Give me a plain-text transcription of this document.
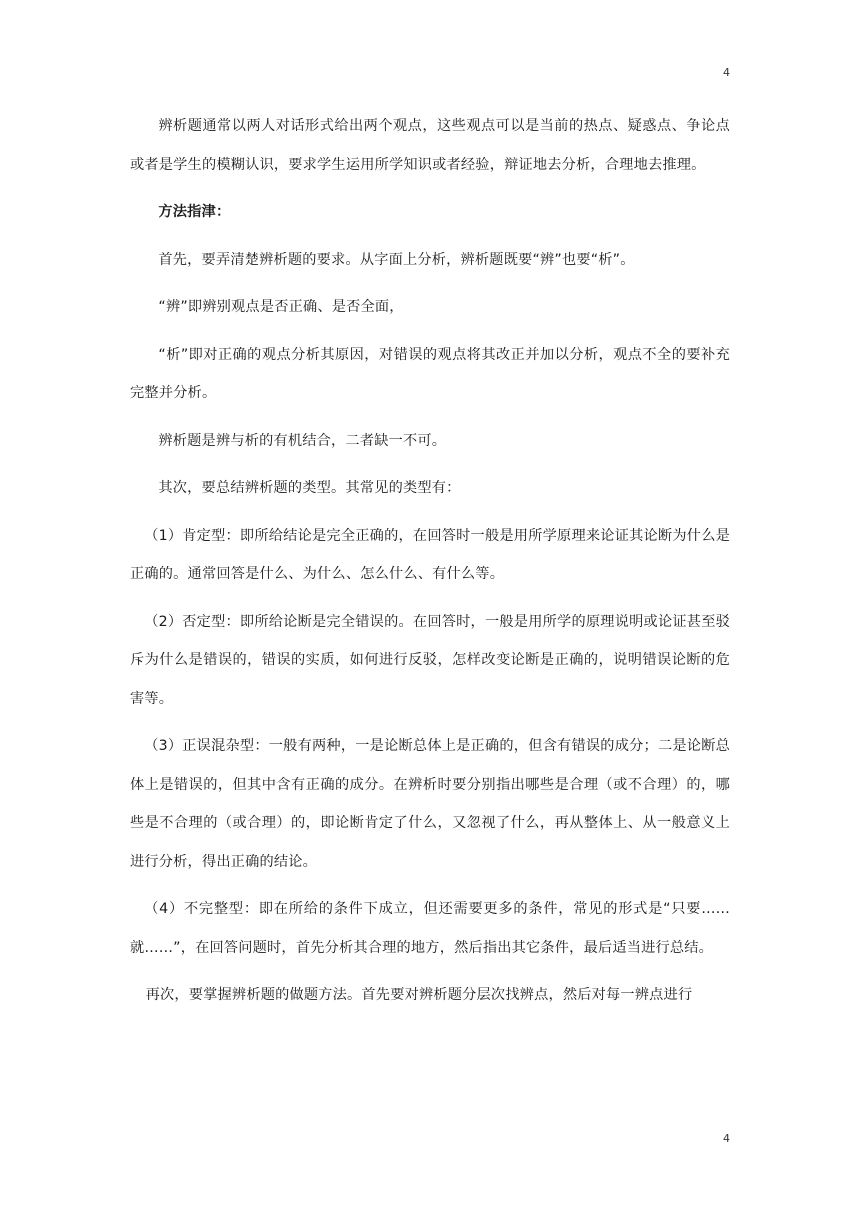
4

辨析题通常以两人对话形式给出两个观点，这些观点可以是当前的热点、疑惑点、争论点或者是学生的模糊认识，要求学生运用所学知识或者经验，辩证地去分析，合理地去推理。

方法指津：

首先，要弄清楚辨析题的要求。从字面上分析，辨析题既要“辨”也要“析”。

“辨”即辨别观点是否正确、是否全面，

“析”即对正确的观点分析其原因，对错误的观点将其改正并加以分析，观点不全的要补充完整并分析。

辨析题是辨与析的有机结合，二者缺一不可。

其次，要总结辨析题的类型。其常见的类型有：

（1）肯定型：即所给结论是完全正确的，在回答时一般是用所学原理来论证其论断为什么是正确的。通常回答是什么、为什么、怎么什么、有什么等。

（2）否定型：即所给论断是完全错误的。在回答时，一般是用所学的原理说明或论证甚至驳斥为什么是错误的，错误的实质，如何进行反驳，怎样改变论断是正确的，说明错误论断的危害等。

（3）正误混杂型：一般有两种，一是论断总体上是正确的，但含有错误的成分；二是论断总体上是错误的，但其中含有正确的成分。在辨析时要分别指出哪些是合理（或不合理）的，哪些是不合理的（或合理）的，即论断肯定了什么，又忽视了什么，再从整体上、从一般意义上进行分析，得出正确的结论。

（4）不完整型：即在所给的条件下成立，但还需要更多的条件，常见的形式是“只要……就……”，在回答问题时，首先分析其合理的地方，然后指出其它条件，最后适当进行总结。

再次，要掌握辨析题的做题方法。首先要对辨析题分层次找辨点，然后对每一辨点进行

4
